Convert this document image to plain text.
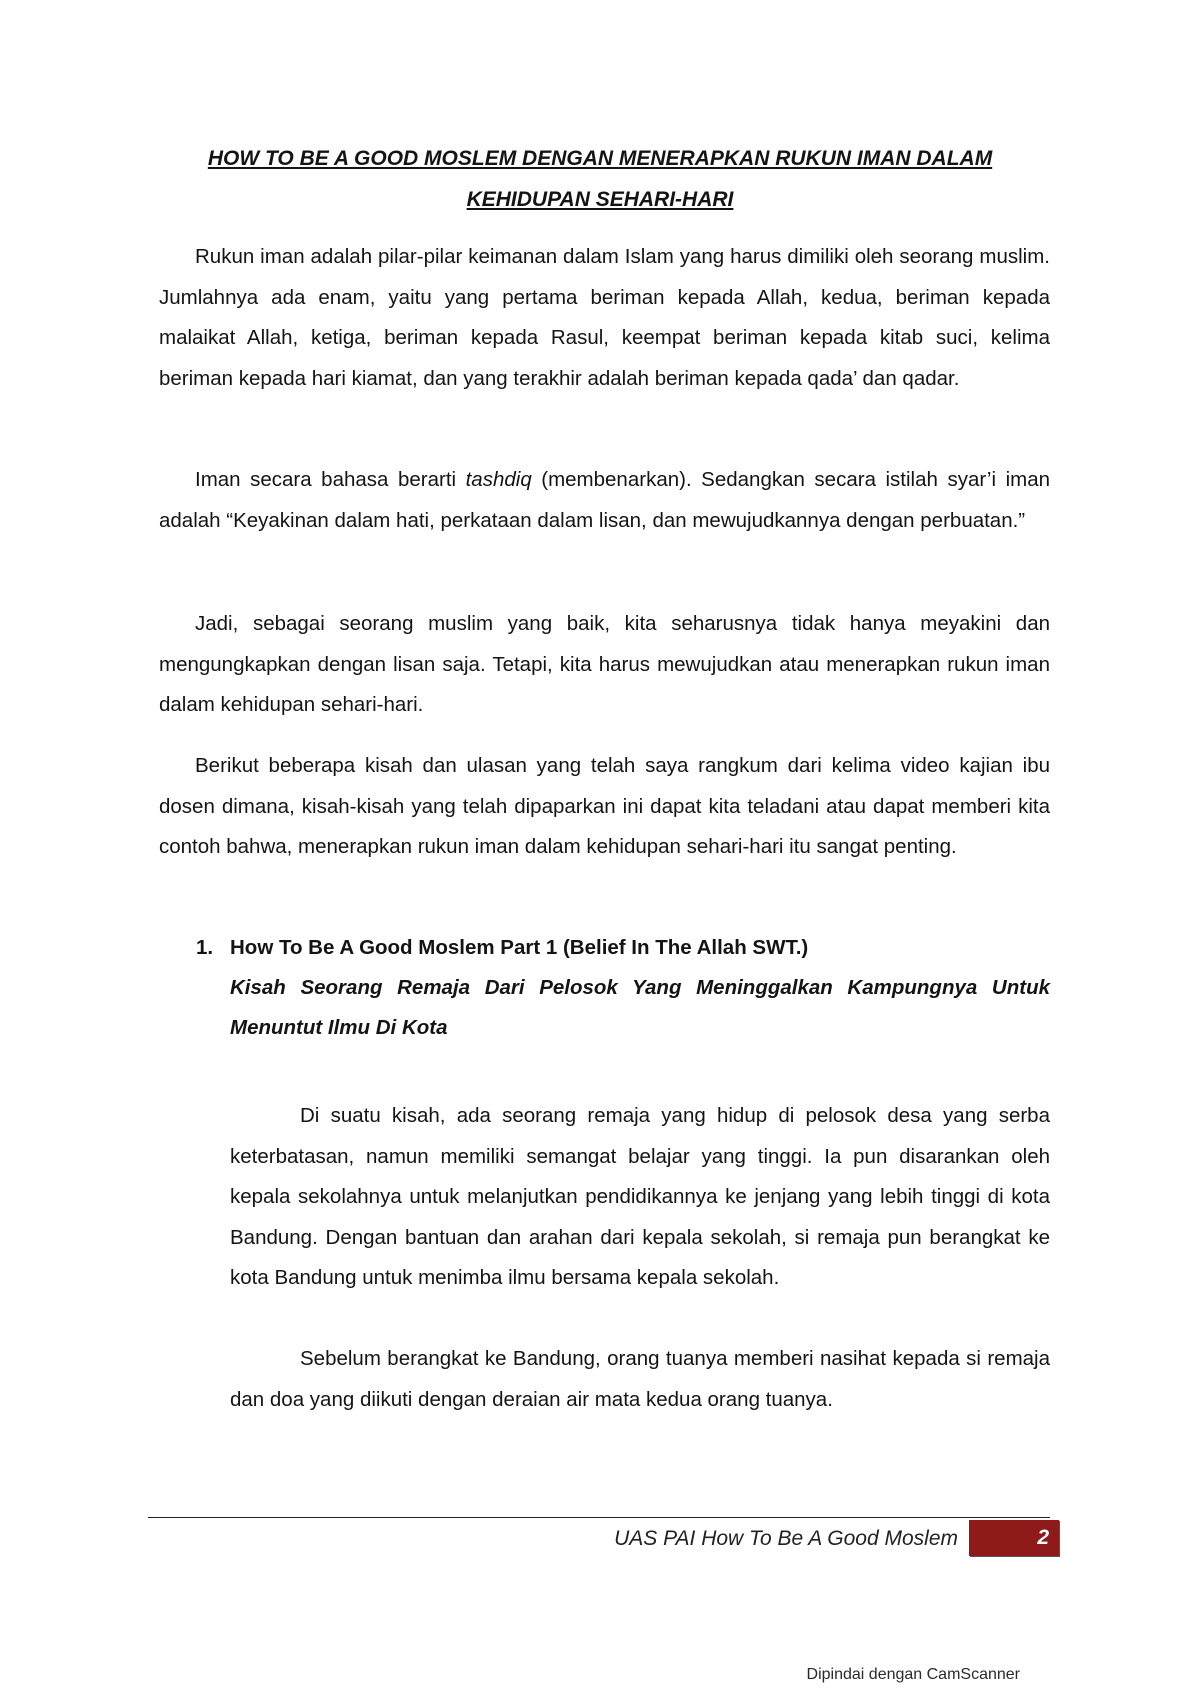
HOW TO BE A GOOD MOSLEM DENGAN MENERAPKAN RUKUN IMAN DALAM
KEHIDUPAN SEHARI-HARI

Rukun iman adalah pilar-pilar keimanan dalam Islam yang harus dimiliki oleh seorang muslim. Jumlahnya ada enam, yaitu yang pertama beriman kepada Allah, kedua, beriman kepada malaikat Allah, ketiga, beriman kepada Rasul, keempat beriman kepada kitab suci, kelima beriman kepada hari kiamat, dan yang terakhir adalah beriman kepada qada’ dan qadar.

Iman secara bahasa berarti tashdiq (membenarkan). Sedangkan secara istilah syar’i iman adalah “Keyakinan dalam hati, perkataan dalam lisan, dan mewujudkannya dengan perbuatan.”

Jadi, sebagai seorang muslim yang baik, kita seharusnya tidak hanya meyakini dan mengungkapkan dengan lisan saja. Tetapi, kita harus mewujudkan atau menerapkan rukun iman dalam kehidupan sehari-hari.

Berikut beberapa kisah dan ulasan yang telah saya rangkum dari kelima video kajian ibu dosen dimana, kisah-kisah yang telah dipaparkan ini dapat kita teladani atau dapat memberi kita contoh bahwa, menerapkan rukun iman dalam kehidupan sehari-hari itu sangat penting.

1. How To Be A Good Moslem Part 1 (Belief In The Allah SWT.)
Kisah Seorang Remaja Dari Pelosok Yang Meninggalkan Kampungnya Untuk Menuntut Ilmu Di Kota

Di suatu kisah, ada seorang remaja yang hidup di pelosok desa yang serba keterbatasan, namun memiliki semangat belajar yang tinggi. Ia pun disarankan oleh kepala sekolahnya untuk melanjutkan pendidikannya ke jenjang yang lebih tinggi di kota Bandung. Dengan bantuan dan arahan dari kepala sekolah, si remaja pun berangkat ke kota Bandung untuk menimba ilmu bersama kepala sekolah.

Sebelum berangkat ke Bandung, orang tuanya memberi nasihat kepada si remaja dan doa yang diikuti dengan deraian air mata kedua orang tuanya.

UAS PAI How To Be A Good Moslem	2
Dipindai dengan CamScanner
